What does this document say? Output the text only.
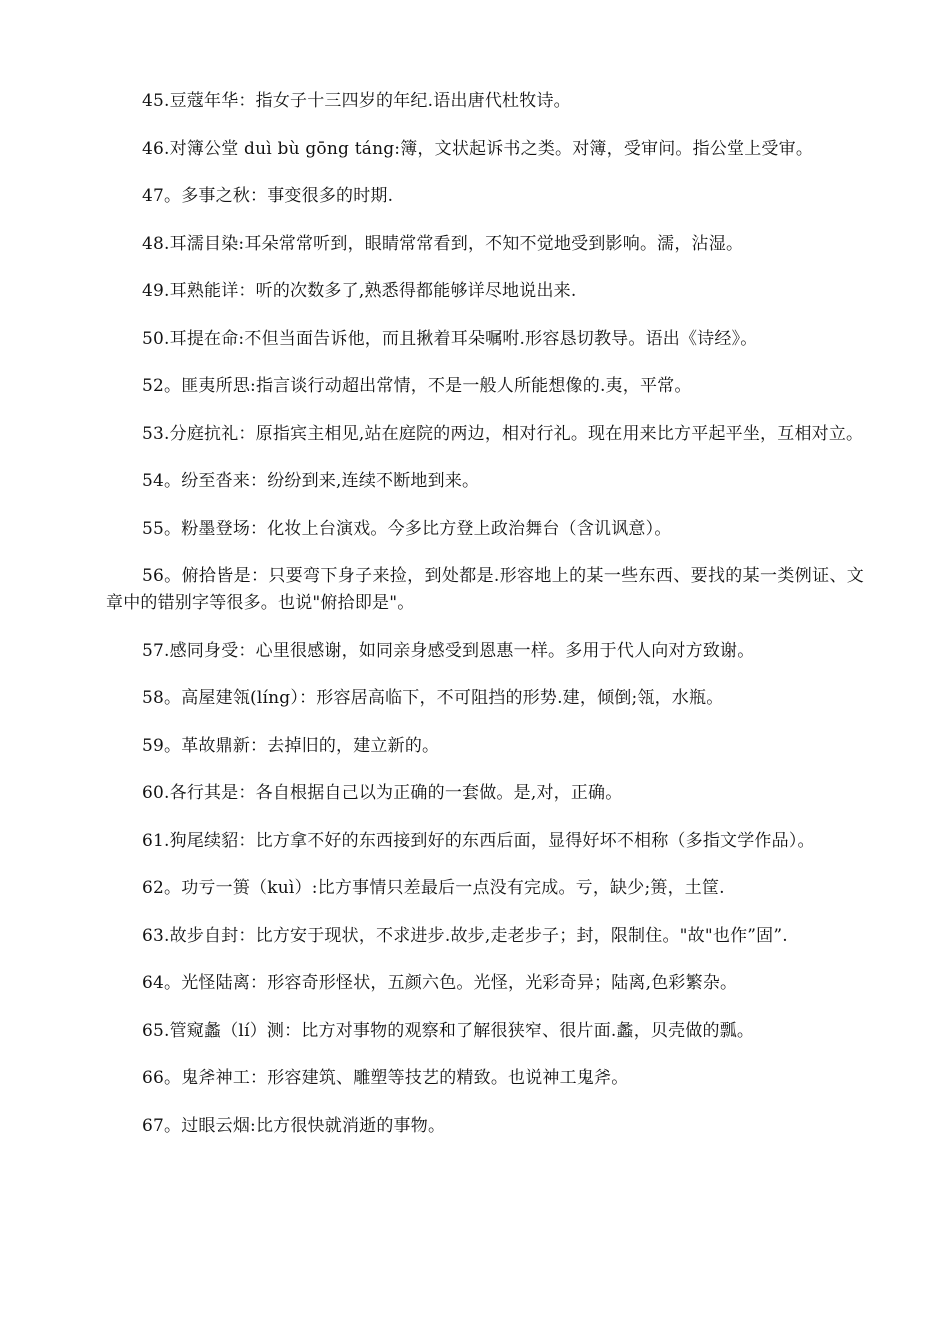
45.豆蔻年华：指女子十三四岁的年纪.语出唐代杜牧诗。

46.对簿公堂 duì bù gōng táng:簿，文状起诉书之类。对簿，受审问。指公堂上受审。

47。多事之秋：事变很多的时期.

48.耳濡目染:耳朵常常听到，眼睛常常看到，不知不觉地受到影响。濡，沾湿。

49.耳熟能详：听的次数多了,熟悉得都能够详尽地说出来.

50.耳提在命:不但当面告诉他，而且揪着耳朵嘱咐.形容恳切教导。语出《诗经》。

52。匪夷所思:指言谈行动超出常情，不是一般人所能想像的.夷，平常。

53.分庭抗礼：原指宾主相见,站在庭院的两边，相对行礼。现在用来比方平起平坐，互相对立。

54。纷至沓来：纷纷到来,连续不断地到来。

55。粉墨登场：化妆上台演戏。今多比方登上政治舞台（含讥讽意）。

56。俯拾皆是：只要弯下身子来捡，到处都是.形容地上的某一些东西、要找的某一类例证、文章中的错别字等很多。也说"俯拾即是"。

57.感同身受：心里很感谢，如同亲身感受到恩惠一样。多用于代人向对方致谢。

58。高屋建瓴(líng）：形容居高临下，不可阻挡的形势.建，倾倒;瓴，水瓶。

59。革故鼎新：去掉旧的，建立新的。

60.各行其是：各自根据自己以为正确的一套做。是,对，正确。

61.狗尾续貂：比方拿不好的东西接到好的东西后面，显得好坏不相称（多指文学作品）。

62。功亏一篑（kuì）:比方事情只差最后一点没有完成。亏，缺少;篑，土筐.

63.故步自封：比方安于现状，不求进步.故步,走老步子；封，限制住。"故"也作”固”.

64。光怪陆离：形容奇形怪状，五颜六色。光怪，光彩奇异；陆离,色彩繁杂。

65.管窥蠡（lí）测：比方对事物的观察和了解很狭窄、很片面.蠡，贝壳做的瓢。

66。鬼斧神工：形容建筑、雕塑等技艺的精致。也说神工鬼斧。

67。过眼云烟:比方很快就消逝的事物。
